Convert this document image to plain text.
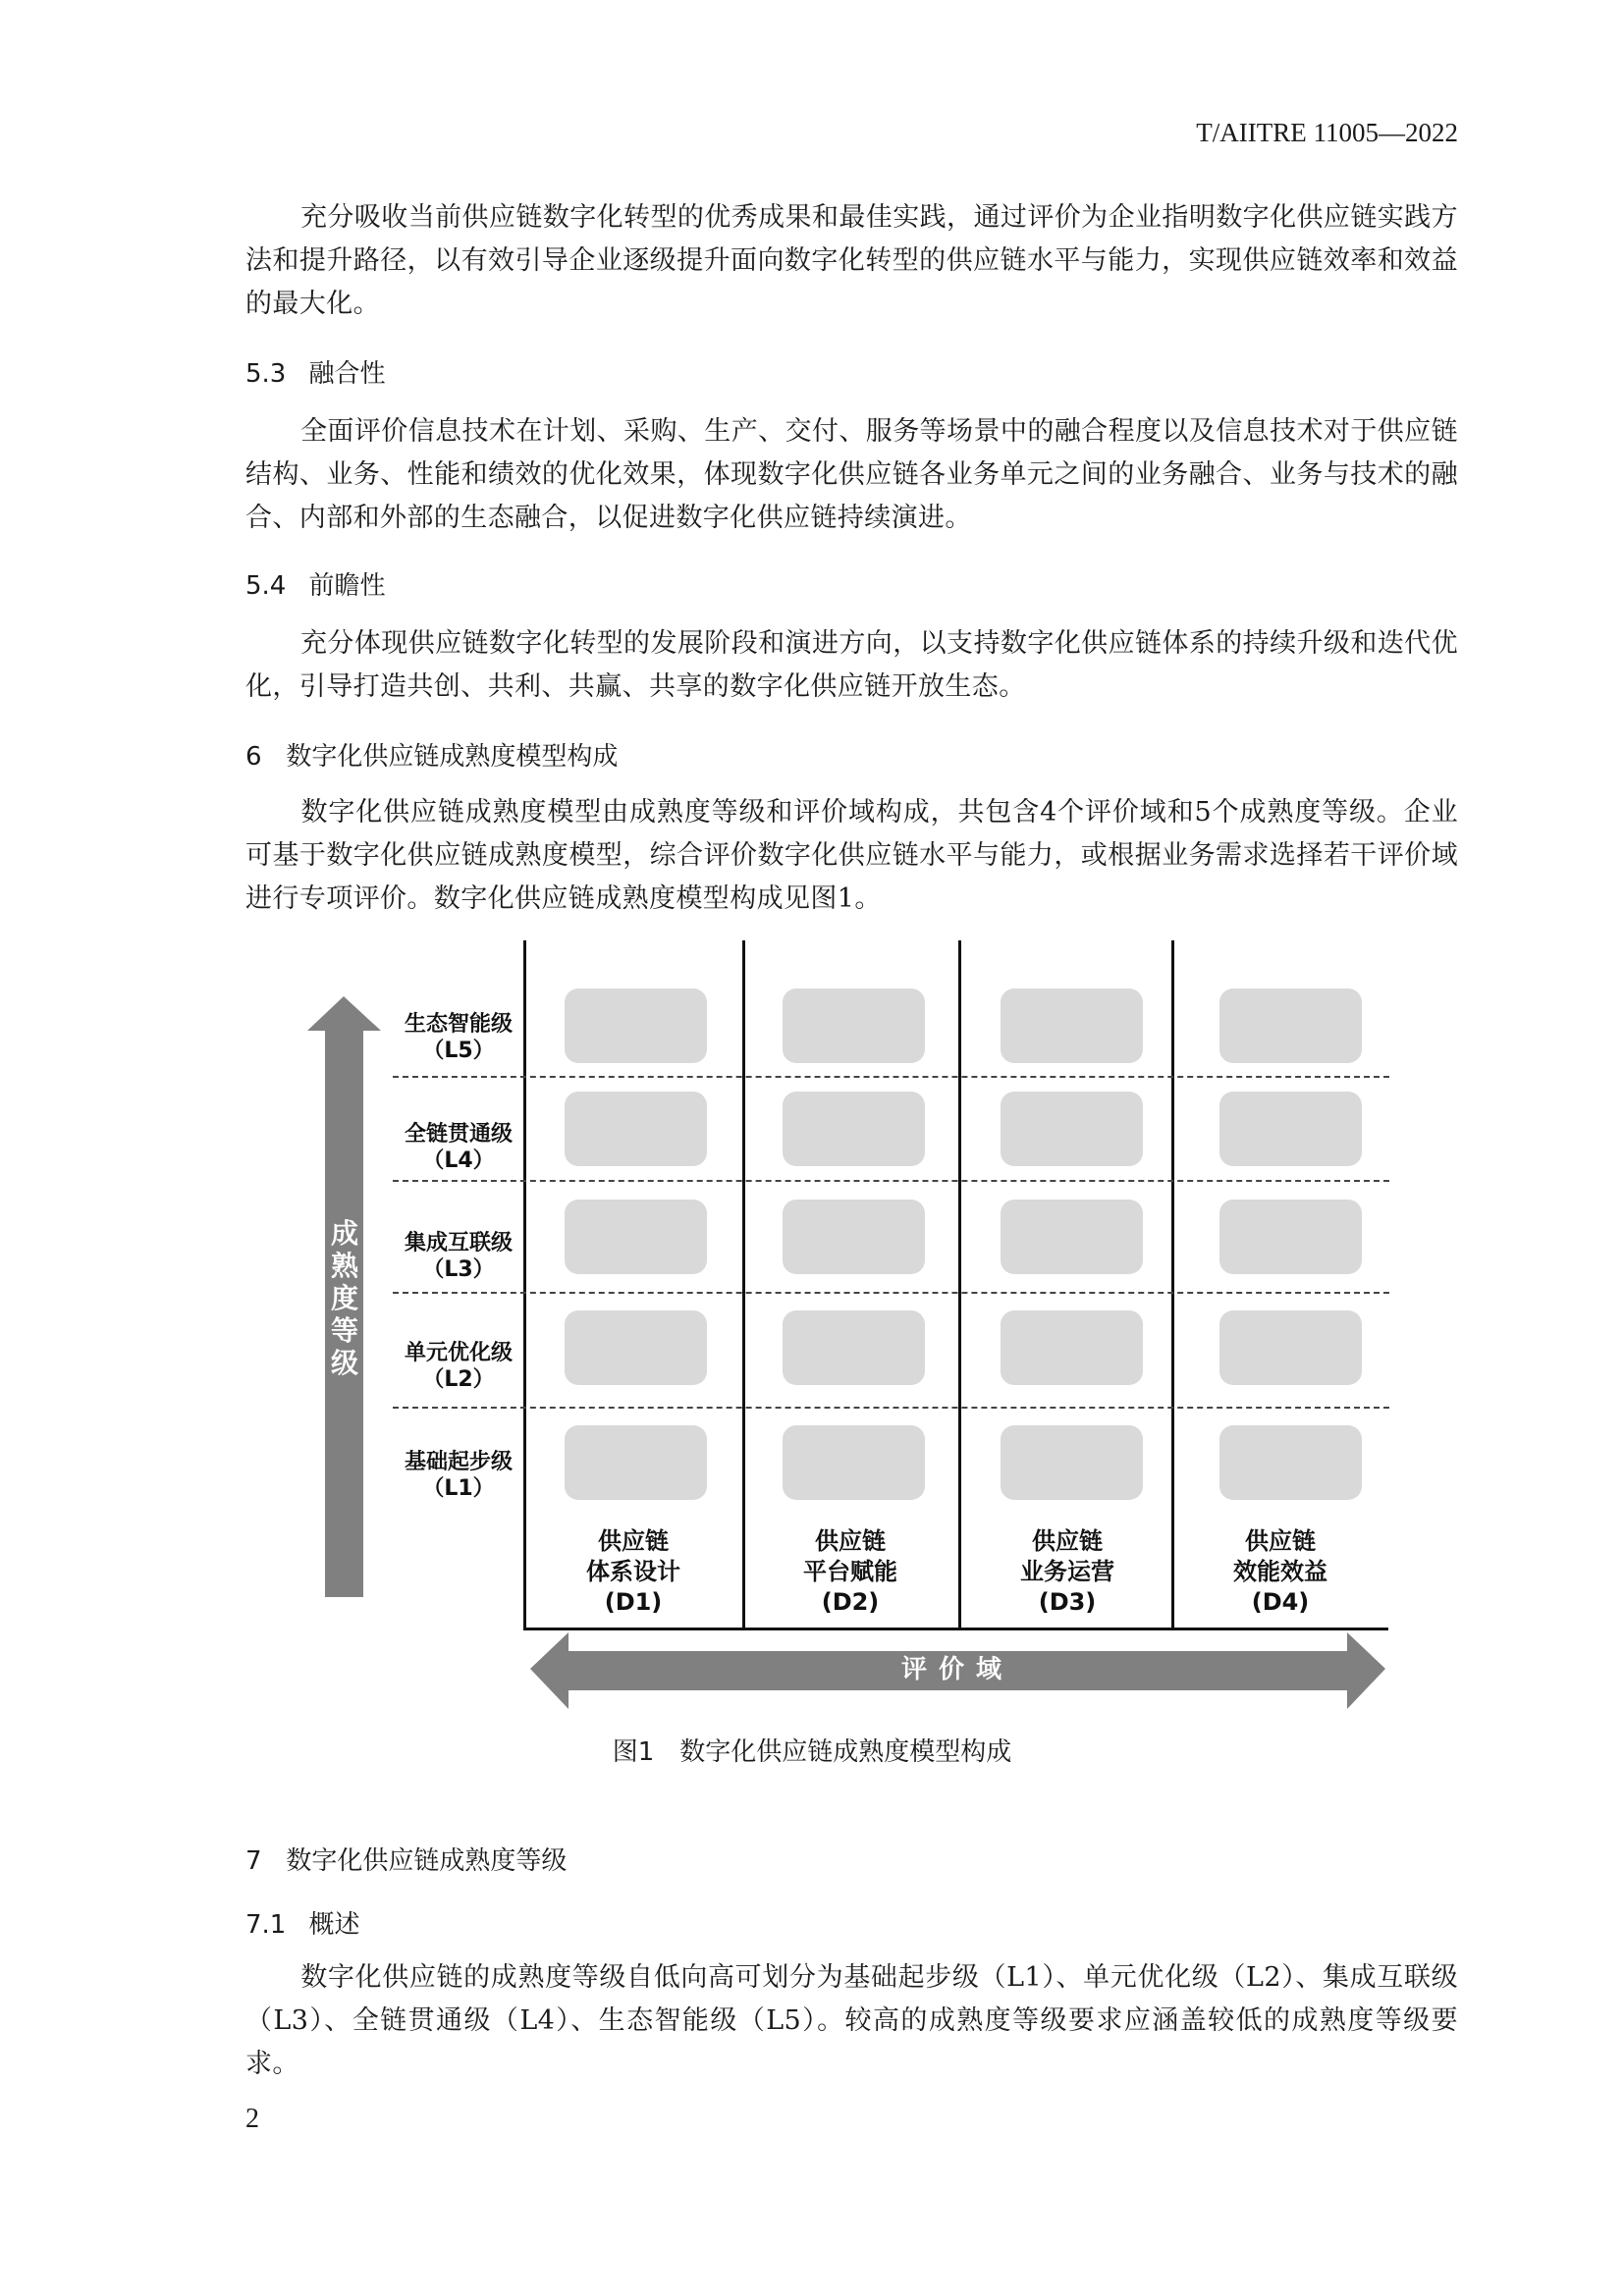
T/AIITRE 11005—2022
充分吸收当前供应链数字化转型的优秀成果和最佳实践，通过评价为企业指明数字化供应链实践方法和提升路径，以有效引导企业逐级提升面向数字化转型的供应链水平与能力，实现供应链效率和效益的最大化。
5.3 融合性
全面评价信息技术在计划、采购、生产、交付、服务等场景中的融合程度以及信息技术对于供应链结构、业务、性能和绩效的优化效果，体现数字化供应链各业务单元之间的业务融合、业务与技术的融合、内部和外部的生态融合，以促进数字化供应链持续演进。
5.4 前瞻性
充分体现供应链数字化转型的发展阶段和演进方向，以支持数字化供应链体系的持续升级和迭代优化，引导打造共创、共利、共赢、共享的数字化供应链开放生态。
6 数字化供应链成熟度模型构成
数字化供应链成熟度模型由成熟度等级和评价域构成，共包含4个评价域和5个成熟度等级。企业可基于数字化供应链成熟度模型，综合评价数字化供应链水平与能力，或根据业务需求选择若干评价域进行专项评价。数字化供应链成熟度模型构成见图1。
成
熟
度
等
级
评价域
生态智能级
（L5）
全链贯通级
（L4）
集成互联级
（L3）
单元优化级
（L2）
基础起步级
（L1）
供应链
体系设计
(D1)
供应链
平台赋能
(D2)
供应链
业务运营
(D3)
供应链
效能效益
(D4)
图1 数字化供应链成熟度模型构成
7 数字化供应链成熟度等级
7.1 概述
数字化供应链的成熟度等级自低向高可划分为基础起步级（L1）、单元优化级（L2）、集成互联级（L3）、全链贯通级（L4）、生态智能级（L5）。较高的成熟度等级要求应涵盖较低的成熟度等级要求。
2
